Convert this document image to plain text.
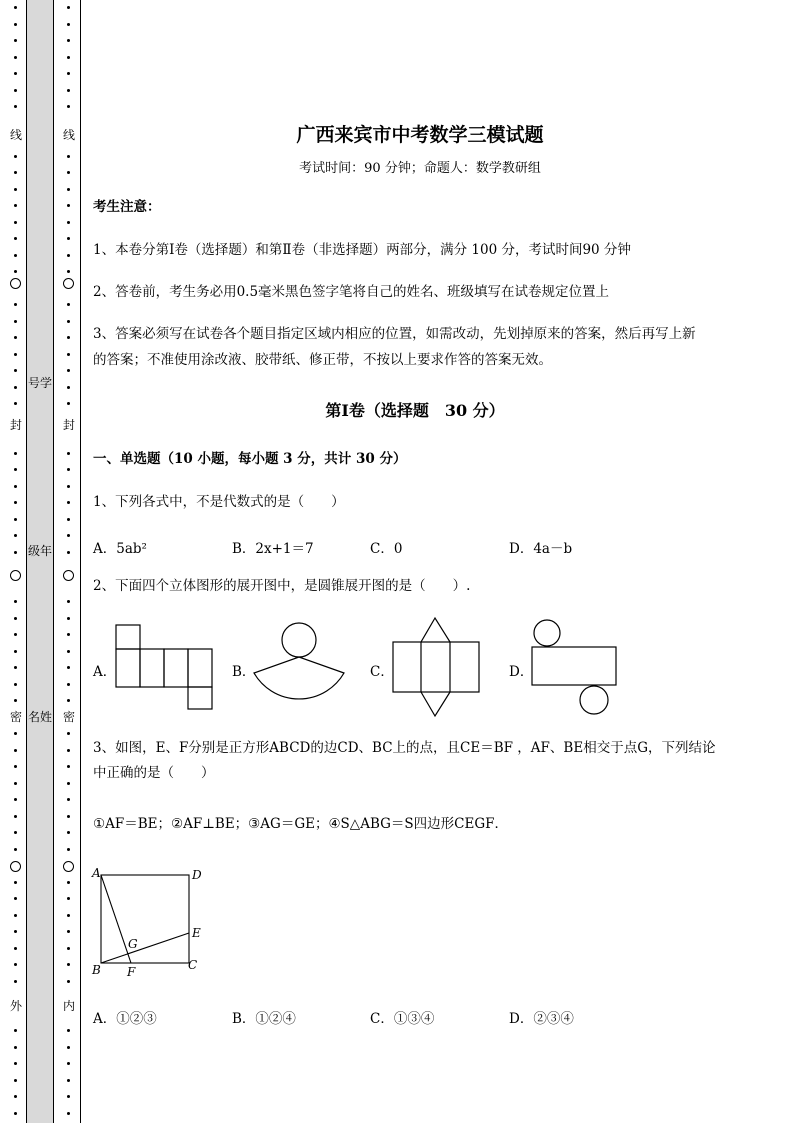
线
封
密
外
号学
级年
名姓
线
封
密
内
广西来宾市中考数学三模试题
考试时间：90 分钟；命题人：数学教研组
考生注意：
1、本卷分第Ⅰ卷（选择题）和第Ⅱ卷（非选择题）两部分，满分 100 分，考试时间90 分钟
2、答卷前，考生务必用0.5毫米黑色签字笔将自己的姓名、班级填写在试卷规定位置上
3、答案必须写在试卷各个题目指定区域内相应的位置，如需改动，先划掉原来的答案，然后再写上新
的答案；不准使用涂改液、胶带纸、修正带，不按以上要求作答的答案无效。
第Ⅰ卷（选择题　30 分）
一、单选题（10 小题，每小题 3 分，共计 30 分）
1、下列各式中，不是代数式的是（　　）
A．5ab²	B．2x+1＝7	C．0	D．4a－b
2、下面四个立体图形的展开图中，是圆锥展开图的是（　　）.
A．	B．	C．	D．
3、如图，E、F分别是正方形ABCD的边CD、BC上的点，且CE＝BF ，AF、BE相交于点G，下列结论
中正确的是（　　）
①AF＝BE；②AF⊥BE；③AG＝GE；④S△ABG＝S四边形CEGF．
A	D
E
G
B F	C
A．①②③	B．①②④	C．①③④	D．②③④
